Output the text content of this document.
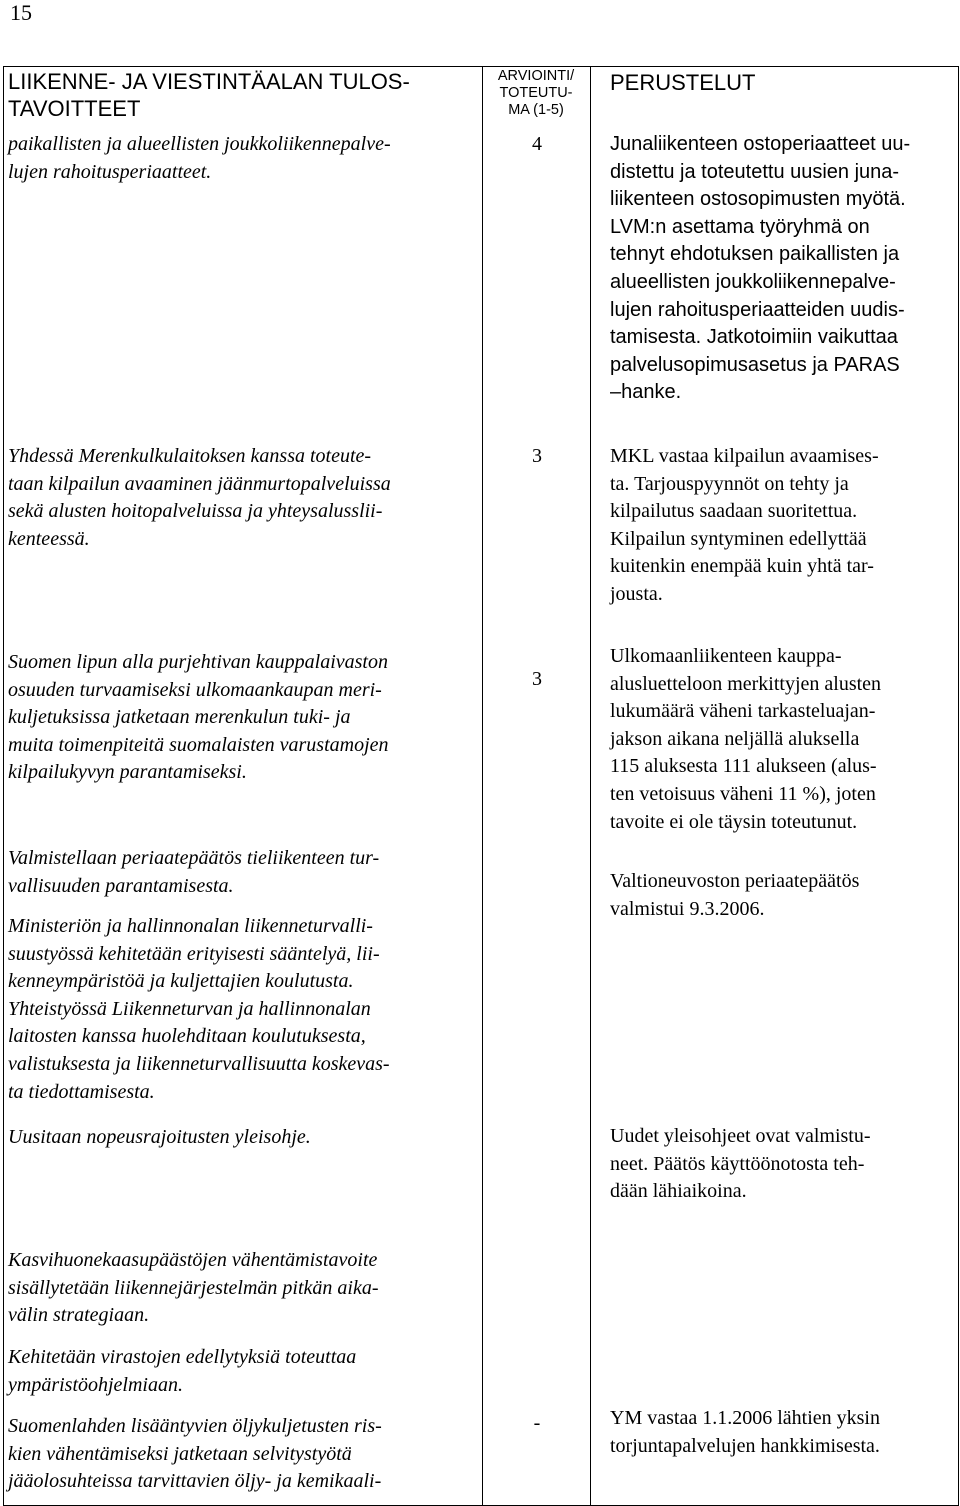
15
LIIKENNE- JA VIESTINTÄALAN TULOS-
TAVOITTEET
ARVIOINTI/
TOTEUTU-
MA (1-5)
PERUSTELUT

paikallisten ja alueellisten joukkoliikennepalve-

lujen rahoitusperiaatteet.

Yhdessä Merenkulkulaitoksen kanssa toteute-

taan kilpailun avaaminen jäänmurtopalveluissa

sekä alusten hoitopalveluissa ja yhteysalusslii-

kenteessä.

Suomen lipun alla purjehtivan kauppalaivaston

osuuden turvaamiseksi ulkomaankaupan meri-

kuljetuksissa jatketaan merenkulun tuki- ja

muita toimenpiteitä suomalaisten varustamojen

kilpailukyvyn parantamiseksi.

Valmistellaan periaatepäätös tieliikenteen tur-

vallisuuden parantamisesta.

Ministeriön ja hallinnonalan liikenneturvalli-

suustyössä kehitetään erityisesti sääntelyä, lii-

kenneympäristöä ja kuljettajien koulutusta.

Yhteistyössä Liikenneturvan ja hallinnonalan

laitosten kanssa huolehditaan koulutuksesta,

valistuksesta ja liikenneturvallisuutta koskevas-

ta tiedottamisesta.

Uusitaan nopeusrajoitusten yleisohje.

Kasvihuonekaasupäästöjen vähentämistavoite

sisällytetään liikennejärjestelmän pitkän aika-

välin strategiaan.

Kehitetään virastojen edellytyksiä toteuttaa

ympäristöohjelmiaan.

Suomenlahden lisääntyvien öljykuljetusten ris-

kien vähentämiseksi jatketaan selvitystyötä

jääolosuhteissa tarvittavien öljy- ja kemikaali-

4
3
3
-

Junaliikenteen ostoperiaatteet uu-

distettu ja toteutettu uusien juna-

liikenteen ostosopimusten myötä.

LVM:n asettama työryhmä on

tehnyt ehdotuksen paikallisten ja

alueellisten joukkoliikennepalve-

lujen rahoitusperiaatteiden uudis-

tamisesta. Jatkotoimiin vaikuttaa

palvelusopimusasetus ja PARAS

–hanke.

MKL vastaa kilpailun avaamises-

ta. Tarjouspyynnöt on tehty ja

kilpailutus saadaan suoritettua.

Kilpailun syntyminen edellyttää

kuitenkin enempää kuin yhtä tar-

jousta.

Ulkomaanliikenteen kauppa-

alusluetteloon merkittyjen alusten

lukumäärä väheni tarkasteluajan-

jakson aikana neljällä aluksella

115 aluksesta 111 alukseen (alus-

ten vetoisuus väheni 11 %), joten

tavoite ei ole täysin toteutunut.

Valtioneuvoston periaatepäätös

valmistui 9.3.2006.

Uudet yleisohjeet ovat valmistu-

neet. Päätös käyttöönotosta teh-

dään lähiaikoina.

YM vastaa 1.1.2006 lähtien yksin

torjuntapalvelujen hankkimisesta.
